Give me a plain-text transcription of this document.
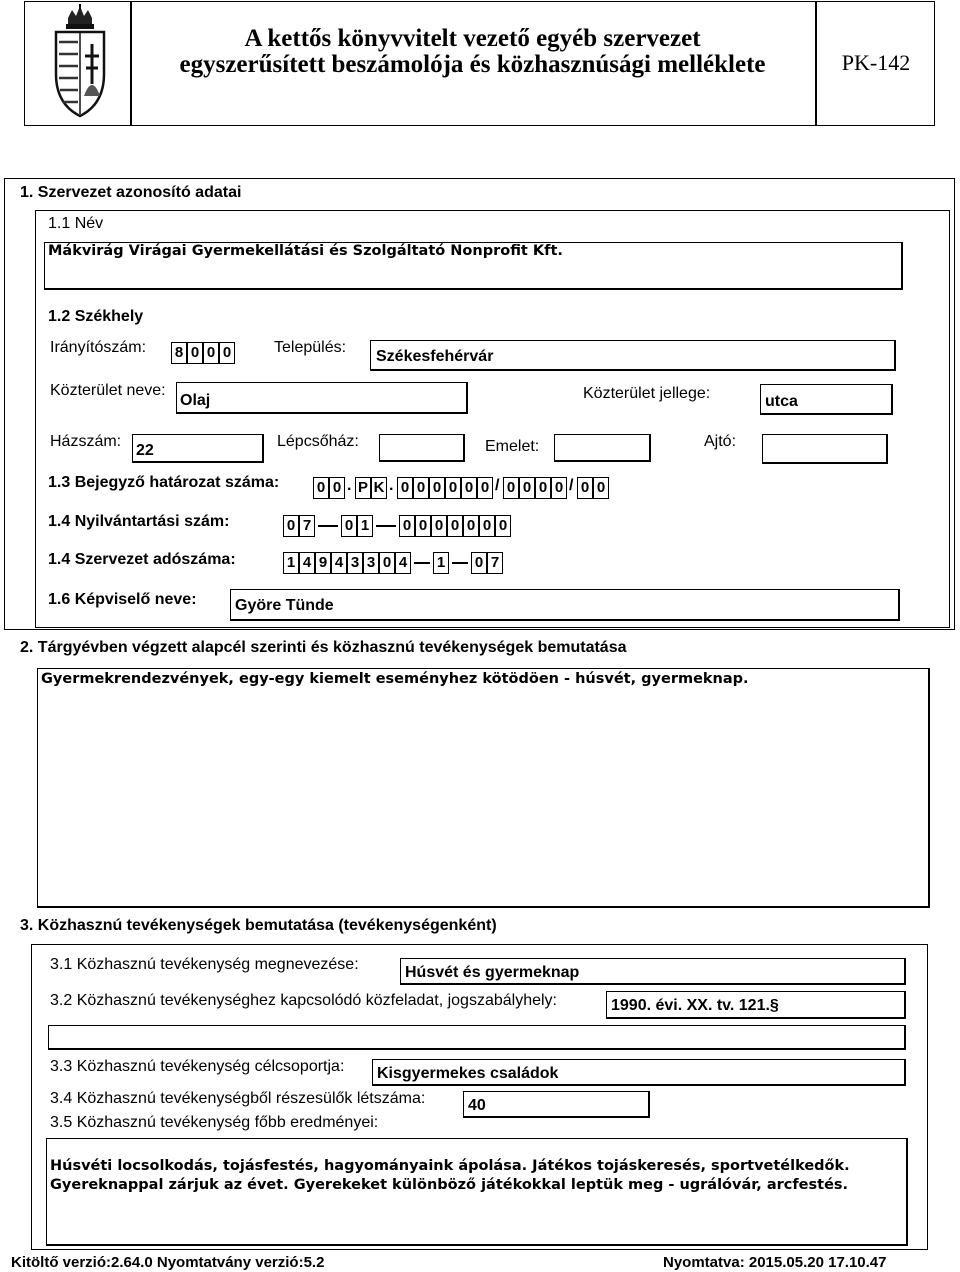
A kettős könyvvitelt vezető egyéb szervezet
egyszerűsített beszámolója és közhasznúsági melléklete	PK-142
1. Szervezet azonosító adatai
1.1 Név
Mákvirág Virágai Gyermekellátási és Szolgáltató Nonprofit Kft.
1.2 Székhely
Irányítószám: 8 0 0 0	Település:
Székesfehérvár
Közterület neve:
Olaj	Közterület jellege:	utca
Házszám:
22
Lépcsőház:	Emelet:	Ajtó:
1.3 Bejegyző határozat száma:	0 0 . P K . 0 0 0 0 0 0 / 0 0 0 0 / 0 0
1.4 Nyilvántartási szám:	0 7 0 1 0 0 0 0 0 0 0
1.4 Szervezet adószáma:	1 4 9 4 3 3 0 4 1 0 7
1.6 Képviselő neve: Györe Tünde
2. Tárgyévben végzett alapcél szerinti és közhasznú tevékenységek bemutatása
Gyermekrendezvények, egy-egy kiemelt eseményhez kötödöen - húsvét, gyermeknap.
3. Közhasznú tevékenységek bemutatása (tevékenységenként)
3.1 Közhasznú tevékenység megnevezése:	Húsvét és gyermeknap
3.2 Közhasznú tevékenységhez kapcsolódó közfeladat, jogszabályhely:	1990. évi. XX. tv. 121.§
3.3 Közhasznú tevékenység célcsoportja: Kisgyermekes családok
3.4 Közhasznú tevékenységből részesülők létszáma:	40
3.5 Közhasznú tevékenység főbb eredményei:
Húsvéti locsolkodás, tojásfestés, hagyományaink ápolása. Játékos tojáskeresés, sportvetélkedők.
Gyereknappal zárjuk az évet. Gyerekeket különböző játékokkal leptük meg - ugrálóvár, arcfestés.
Kitöltő verzió:2.64.0 Nyomtatvány verzió:5.2	Nyomtatva: 2015.05.20 17.10.47
